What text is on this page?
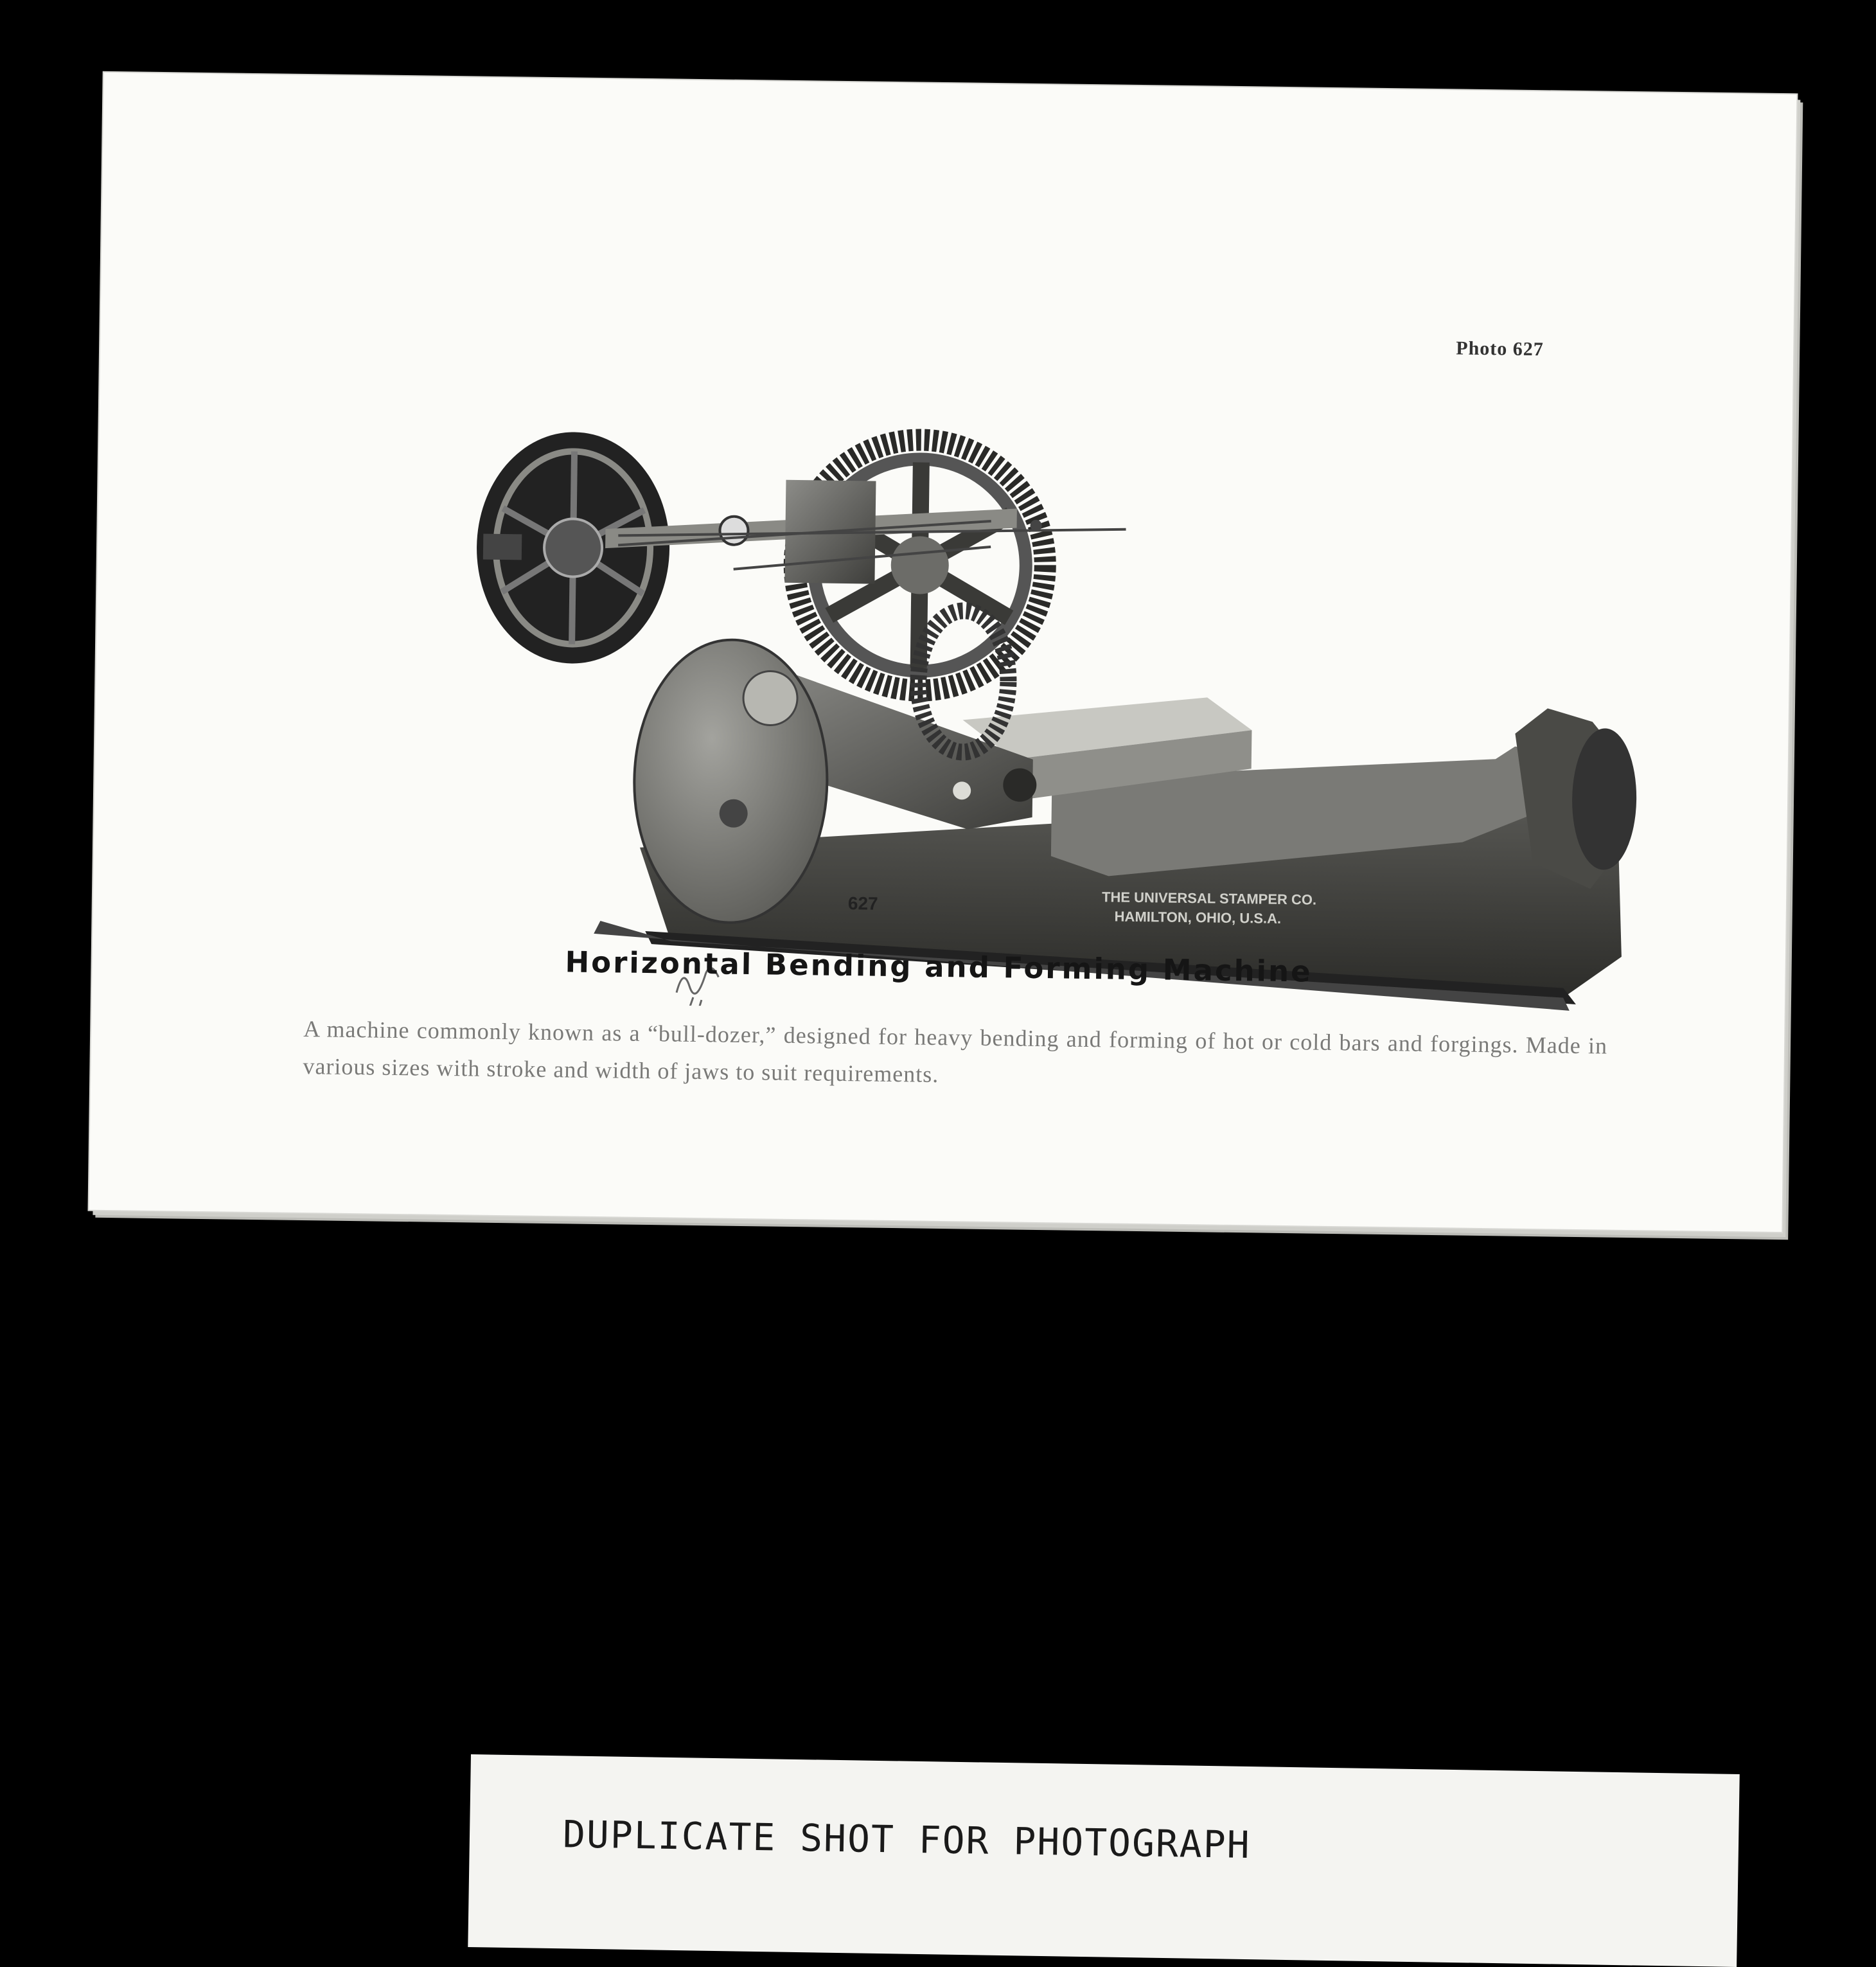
Photo 627
THE UNIVERSAL STAMPER CO.
HAMILTON, OHIO, U.S.A.
627
Horizontal Bending and Forming Machine
A machine commonly known as a “bull-dozer,” designed for heavy bending and forming of hot or cold bars and forgings. Made in various sizes with stroke and width of jaws to suit requirements.
DUPLICATE SHOT FOR PHOTOGRAPH
